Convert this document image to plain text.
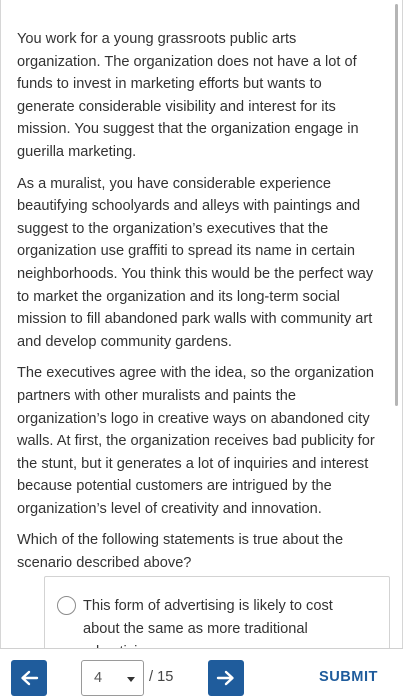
You work for a young grassroots public arts organization. The organization does not have a lot of funds to invest in marketing efforts but wants to generate considerable visibility and interest for its mission. You suggest that the organization engage in guerilla marketing.

As a muralist, you have considerable experience beautifying schoolyards and alleys with paintings and suggest to the organization’s executives that the organization use graffiti to spread its name in certain neighborhoods. You think this would be the perfect way to market the organization and its long-term social mission to fill abandoned park walls with community art and develop community gardens.

The executives agree with the idea, so the organization partners with other muralists and paints the organization’s logo in creative ways on abandoned city walls. At first, the organization receives bad publicity for the stunt, but it generates a lot of inquiries and interest because potential customers are intrigued by the organization’s level of creativity and innovation.

Which of the following statements is true about the scenario described above?

This form of advertising is likely to cost about the same as more traditional
4	/ 15	SUBMIT
